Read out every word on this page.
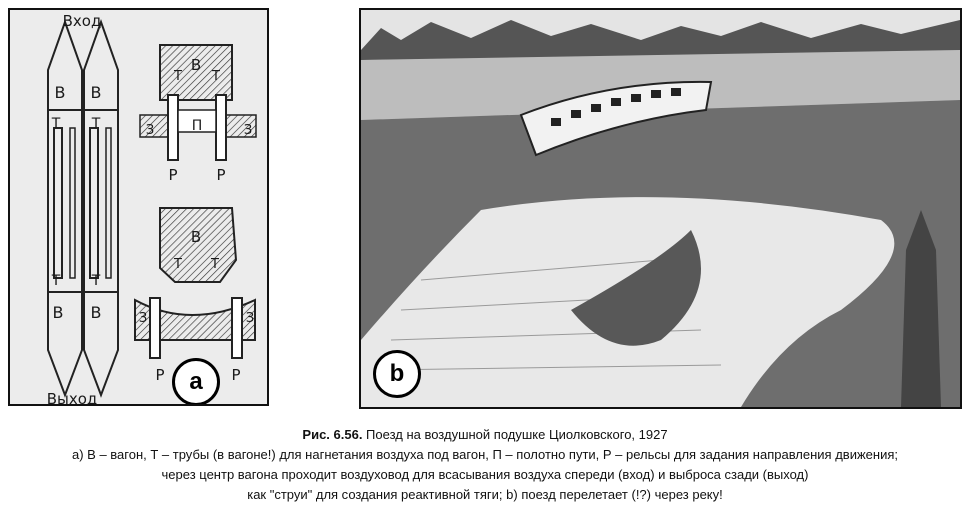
Вход
Выход
В В
Т Т
Т Т
В В
В
Т Т
П
З	З
Р	Р
В
Т Т
З	З
Р	Р
a	b
Рис. 6.56. Поезд на воздушной подушке Циолковского, 1927
а) В – вагон, Т – трубы (в вагоне!) для нагнетания воздуха под вагон, П – полотно пути, Р – рельсы для задания направления движения;
через центр вагона проходит воздуховод для всасывания воздуха спереди (вход) и выброса сзади (выход)
как "струи" для создания реактивной тяги; b) поезд перелетает (!?) через реку!
